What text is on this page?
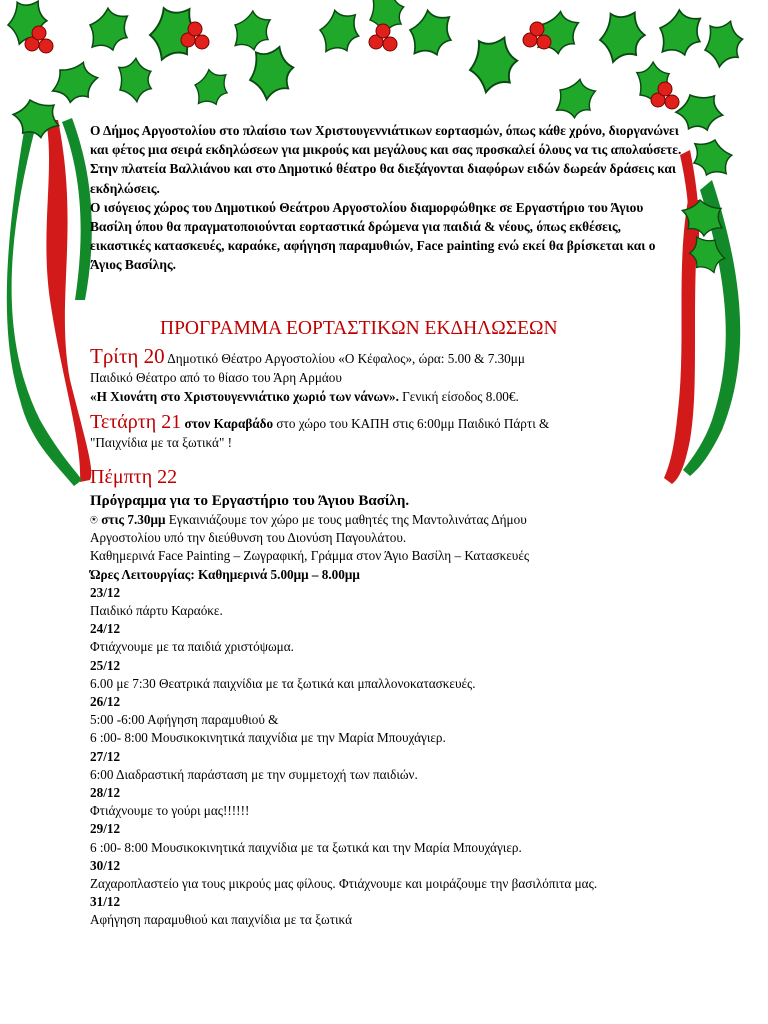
Ο Δήμος Αργοστολίου στο πλαίσιο των Χριστουγεννιάτικων εορτασμών, όπως κάθε χρόνο, διοργανώνει και φέτος μια σειρά εκδηλώσεων για μικρούς και μεγάλους και σας προσκαλεί όλους να τις απολαύσετε.

Στην πλατεία Βαλλιάνου και στο Δημοτικό θέατρο θα διεξάγονται διαφόρων ειδών δωρεάν δράσεις και εκδηλώσεις.

Ο ισόγειος χώρος του Δημοτικού Θεάτρου Αργοστολίου διαμορφώθηκε σε Εργαστήριο του Άγιου Βασίλη όπου θα πραγματοποιούνται εορταστικά δρώμενα για παιδιά & νέους, όπως εκθέσεις, εικαστικές κατασκευές, καραόκε, αφήγηση παραμυθιών, Face painting ενώ εκεί θα βρίσκεται και ο Άγιος Βασίλης.

ΠΡΟΓΡΑΜΜΑ ΕΟΡΤΑΣΤΙΚΩΝ ΕΚΔΗΛΩΣΕΩΝ
Τρίτη 20 Δημοτικό Θέατρο Αργοστολίου «Ο Κέφαλος», ώρα: 5.00 & 7.30μμ
Παιδικό Θέατρο από το θίασο του Άρη Αρμάου
«Η Χιονάτη στο Χριστουγεννιάτικο χωριό των νάνων». Γενική είσοδος 8.00€.
Τετάρτη 21 στον Καραβάδο στο χώρο του ΚΑΠΗ στις 6:00μμ Παιδικό Πάρτι &
"Παιχνίδια με τα ξωτικά" !
Πέμπτη 22
Πρόγραμμα για το Εργαστήριο του Άγιου Βασίλη.
⍟ στις 7.30μμ Εγκαινιάζουμε τον χώρο με τους μαθητές της Μαντολινάτας Δήμου
Αργοστολίου υπό την διεύθυνση του Διονύση Παγουλάτου.
Καθημερινά Face Painting – Ζωγραφική, Γράμμα στον Άγιο Βασίλη – Κατασκευές
Ώρες Λειτουργίας: Καθημερινά 5.00μμ – 8.00μμ
23/12
Παιδικό πάρτυ Καραόκε.
24/12
Φτιάχνουμε με τα παιδιά χριστόψωμα.
25/12
6.00 με 7:30 Θεατρικά παιχνίδια με τα ξωτικά και μπαλλονοκατασκευές.
26/12
5:00 -6:00 Αφήγηση παραμυθιού &
6 :00- 8:00 Μουσικοκινητικά παιχνίδια με την Μαρία Μπουχάγιερ.
27/12
6:00 Διαδραστική παράσταση με την συμμετοχή των παιδιών.
28/12
Φτιάχνουμε το γούρι μας!!!!!!
29/12
6 :00- 8:00 Μουσικοκινητικά παιχνίδια με τα ξωτικά και την Μαρία Μπουχάγιερ.
30/12
Ζαχαροπλαστείο για τους μικρούς μας φίλους. Φτιάχνουμε και μοιράζουμε την βασιλόπιτα μας.
31/12
Αφήγηση παραμυθιού και παιχνίδια με τα ξωτικά
